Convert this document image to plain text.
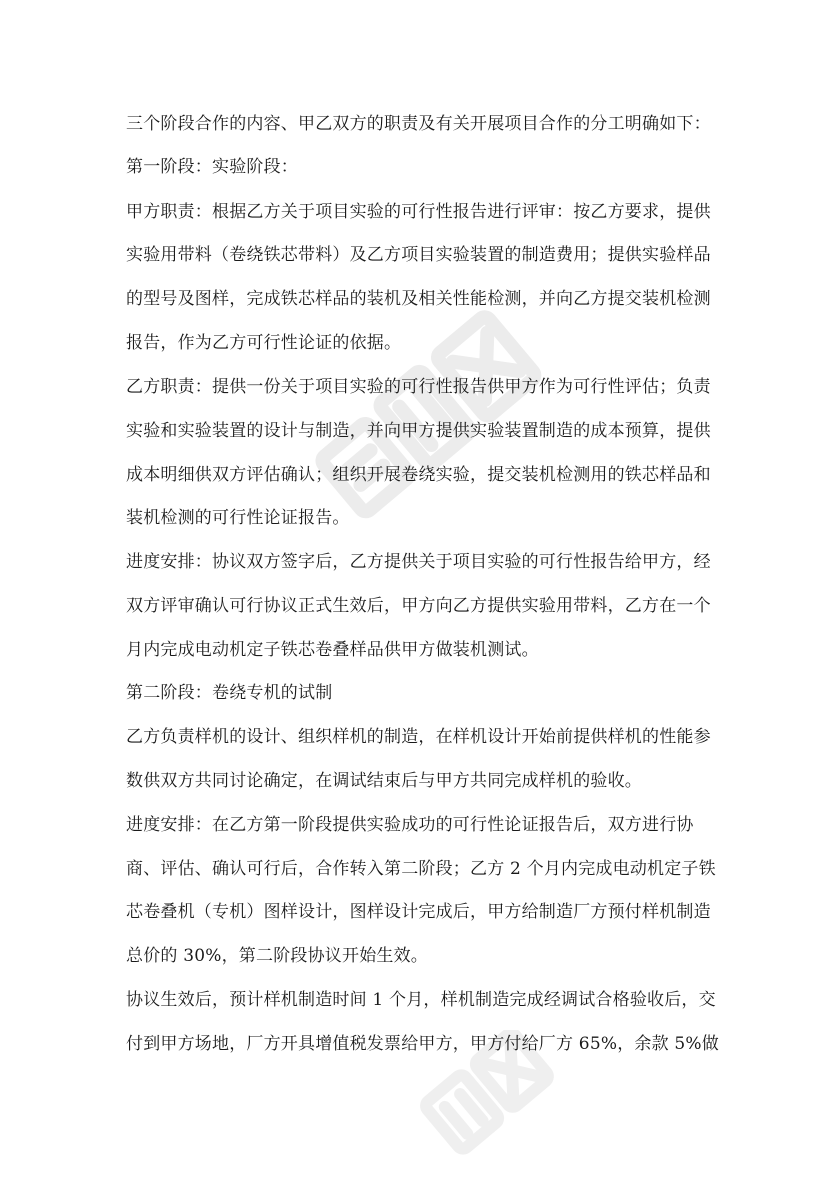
三个阶段合作的内容、甲乙双方的职责及有关开展项目合作的分工明确如下：
第一阶段：实验阶段：
甲方职责：根据乙方关于项目实验的可行性报告进行评审：按乙方要求，提供
实验用带料（卷绕铁芯带料）及乙方项目实验装置的制造费用；提供实验样品
的型号及图样，完成铁芯样品的装机及相关性能检测，并向乙方提交装机检测
报告，作为乙方可行性论证的依据。
乙方职责：提供一份关于项目实验的可行性报告供甲方作为可行性评估；负责
实验和实验装置的设计与制造，并向甲方提供实验装置制造的成本预算，提供
成本明细供双方评估确认；组织开展卷绕实验，提交装机检测用的铁芯样品和
装机检测的可行性论证报告。
进度安排：协议双方签字后，乙方提供关于项目实验的可行性报告给甲方，经
双方评审确认可行协议正式生效后，甲方向乙方提供实验用带料，乙方在一个
月内完成电动机定子铁芯卷叠样品供甲方做装机测试。
第二阶段：卷绕专机的试制
乙方负责样机的设计、组织样机的制造，在样机设计开始前提供样机的性能参
数供双方共同讨论确定，在调试结束后与甲方共同完成样机的验收。
进度安排：在乙方第一阶段提供实验成功的可行性论证报告后，双方进行协
商、评估、确认可行后，合作转入第二阶段；乙方 2 个月内完成电动机定子铁
芯卷叠机（专机）图样设计，图样设计完成后，甲方给制造厂方预付样机制造
总价的 30%，第二阶段协议开始生效。
协议生效后，预计样机制造时间 1 个月，样机制造完成经调试合格验收后，交
付到甲方场地，厂方开具增值税发票给甲方，甲方付给厂方 65%，余款 5%做
